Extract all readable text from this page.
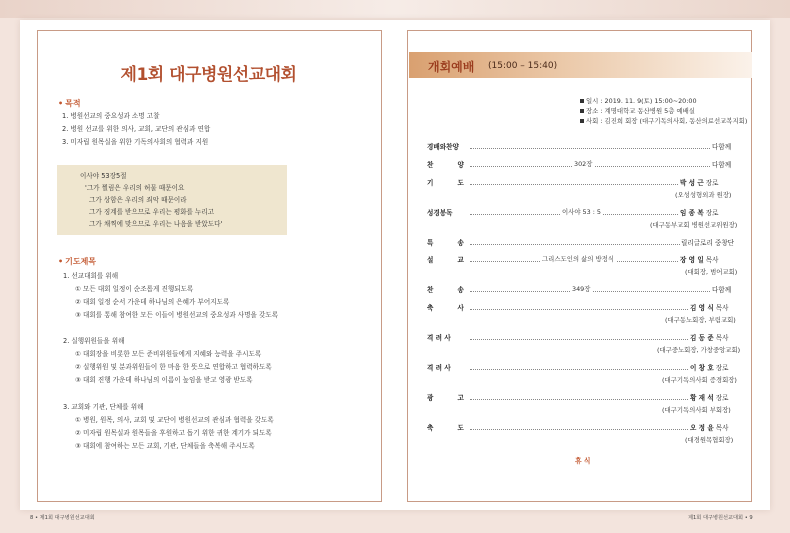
제1회 대구병원선교대회
• 목적
1. 병원선교의 중요성과 소명 고찰
2. 병원 선교를 위한 의사, 교회, 교단의 관심과 연합
3. 미자립 원목실을 위한 기독의사회의 협력과 지원
이사야 53장5절
'그가 찔림은 우리의 허물 때문이요
그가 상함은 우리의 죄악 때문이라
그가 징계를 받으므로 우리는 평화를 누리고
그가 채찍에 맞으므로 우리는 나음을 받았도다'
• 기도제목
1. 선교대회를 위해
① 모든 대회 일정이 순조롭게 진행되도록
② 대회 일정 순서 가운데 하나님의 은혜가 부어지도록
③ 대회를 통해 참여한 모든 이들이 병원선교의 중요성과 사명을 갖도록
2. 실행위원들을 위해
① 대회장을 비롯한 모든 준비위원들에게 지혜와 능력을 주시도록
② 실행위원 및 분과위원들이 한 마음 한 뜻으로 연합하고 협력하도록
③ 대회 진행 가운데 하나님의 이름이 높임을 받고 영광 받도록
3. 교회와 기관, 단체를 위해
① 병원, 원목, 의사, 교회 및 교단이 병원선교의 관심과 협력을 갖도록
② 미자립 원목실과 원목들을 후원하고 돕기 위한 귀한 계기가 되도록
③ 대회에 참여하는 모든 교회, 기관, 단체들을 축복해 주시도록
8 • 제1회 대구병원선교대회
개회예배 (15:00 – 15:40)
일시 : 2019. 11. 9(토) 15:00~20:00
장소 : 계명대학교 동산병원 5층 예배실
사회 : 김진희 회장 (대구기독의사회, 동산의료선교복지회)
경배와찬양	다함께
찬    양	302장	다함께
기    도	박 성 근 장로
(오성성형외과 원장)
성경봉독	이사야 53 : 5	임 종 복 장로
(대구동부교회 병원선교위원장)
특    송	릴리글로리 중창단
설    교	그리스도인의 삶의 방정식	장 영 일 목사
(대회장, 범어교회)
찬    송	349장	다함께
축    사	김 영 식 목사
(대구동노회장, 부림교회)
격 려 사	김 동 준 목사
(대구중노회장, 가창중앙교회)
격 려 사	이 창 호 장로
(대구기독의사회 증경회장)
광    고	황 재 석 장로
(대구기독의사회 부회장)
축    도	오 정 윤 목사
(대경원목협회장)
휴 식
제1회 대구병원선교대회 • 9
